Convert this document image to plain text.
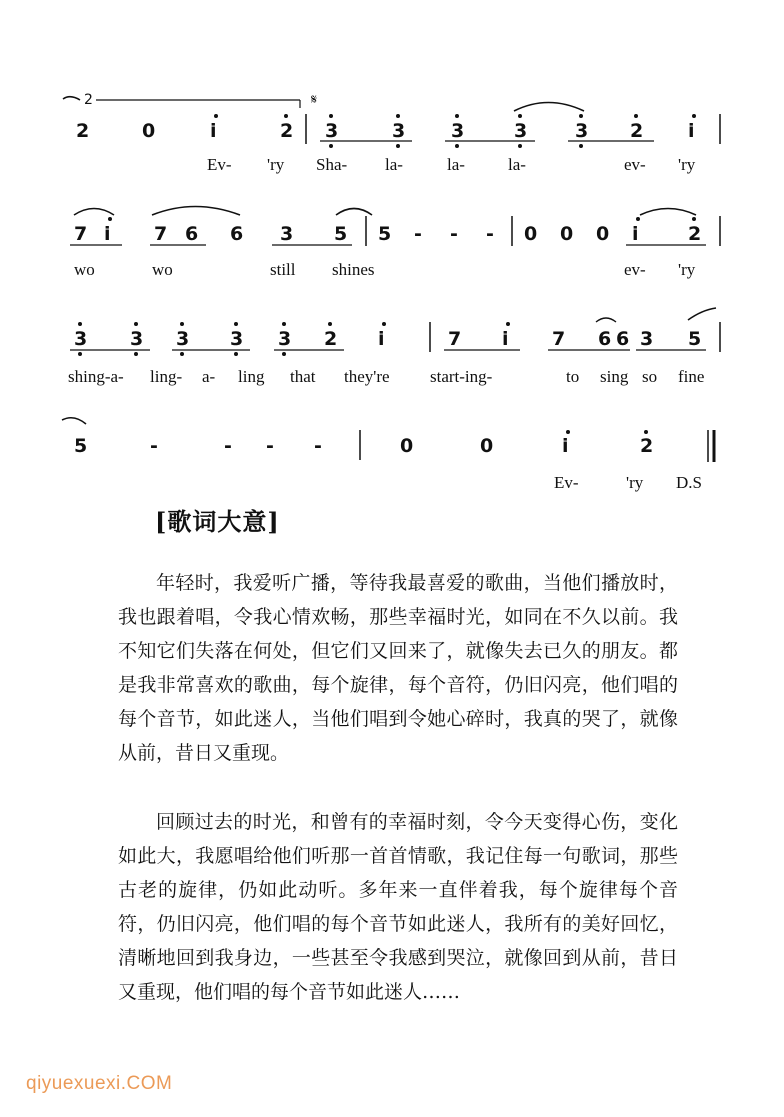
2	𝄋
2	0	i	2 3	3 3	3	3 2 i
Ev- 'ry Sha- la-	la-	la-	ev- 'ry
7 i 7 6 6 3 5 5 - - - 0 0 0 i	2
wo	wo	still shines	ev- 'ry
3 3 3 3 3 2 i	7 i 7 6 6 3 5
shing-a- ling- a- ling that they're start-ing-	to sing so fine
5	-	- - -	0	0	i	2
Ev-	'ry D.S
[歌词大意]

年轻时，我爱听广播，等待我最喜爱的歌曲，当他们播放时，我也跟着唱，令我心情欢畅，那些幸福时光，如同在不久以前。我不知它们失落在何处，但它们又回来了，就像失去已久的朋友。都是我非常喜欢的歌曲，每个旋律，每个音符，仍旧闪亮，他们唱的每个音节，如此迷人，当他们唱到令她心碎时，我真的哭了，就像从前，昔日又重现。

回顾过去的时光，和曾有的幸福时刻，令今天变得心伤，变化如此大，我愿唱给他们听那一首首情歌，我记住每一句歌词，那些古老的旋律，仍如此动听。多年来一直伴着我，每个旋律每个音符，仍旧闪亮，他们唱的每个音节如此迷人，我所有的美好回忆，清晰地回到我身边，一些甚至令我感到哭泣，就像回到从前，昔日又重现，他们唱的每个音节如此迷人……

qiyuexuexi.COM
